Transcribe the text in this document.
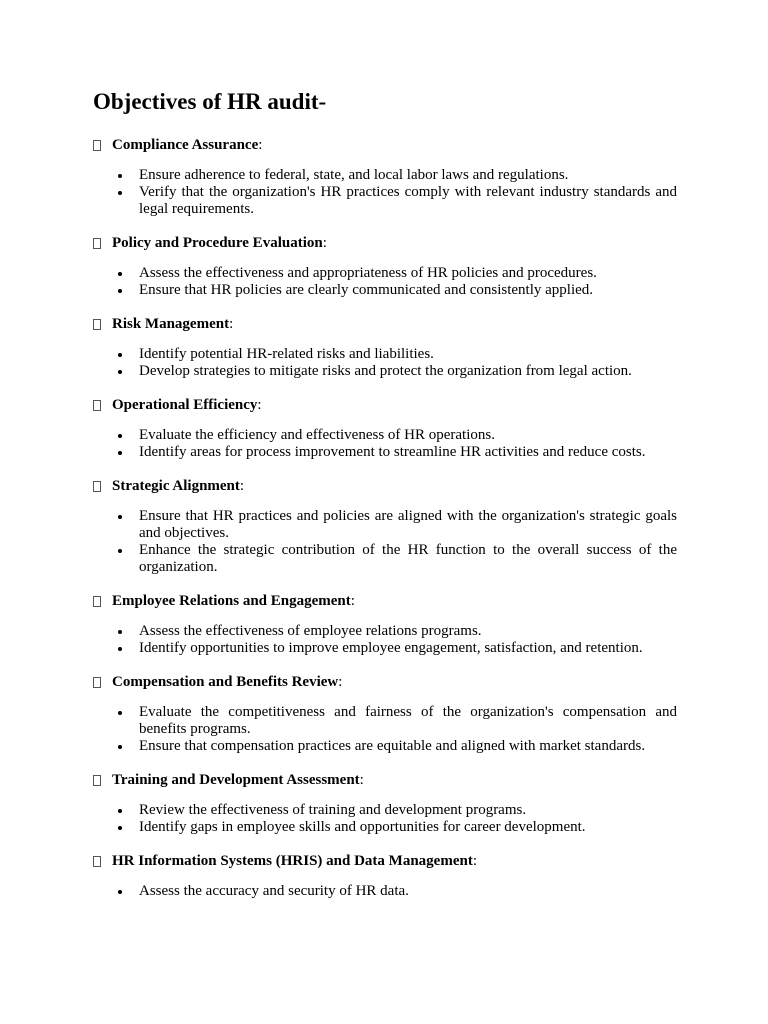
Objectives of HR audit-
Compliance Assurance :
Ensure adherence to federal, state, and local labor laws and regulations.
Verify that the organization's HR practices comply with relevant industry standards and legal requirements.
Policy and Procedure Evaluation :
Assess the effectiveness and appropriateness of HR policies and procedures.
Ensure that HR policies are clearly communicated and consistently applied.
Risk Management :
Identify potential HR-related risks and liabilities.
Develop strategies to mitigate risks and protect the organization from legal action.
Operational Efficiency :
Evaluate the efficiency and effectiveness of HR operations.
Identify areas for process improvement to streamline HR activities and reduce costs.
Strategic Alignment :
Ensure that HR practices and policies are aligned with the organization's strategic goals and objectives.
Enhance the strategic contribution of the HR function to the overall success of the organization.
Employee Relations and Engagement :
Assess the effectiveness of employee relations programs.
Identify opportunities to improve employee engagement, satisfaction, and retention.
Compensation and Benefits Review :
Evaluate the competitiveness and fairness of the organization's compensation and benefits programs.
Ensure that compensation practices are equitable and aligned with market standards.
Training and Development Assessment :
Review the effectiveness of training and development programs.
Identify gaps in employee skills and opportunities for career development.
HR Information Systems (HRIS) and Data Management :
Assess the accuracy and security of HR data.
